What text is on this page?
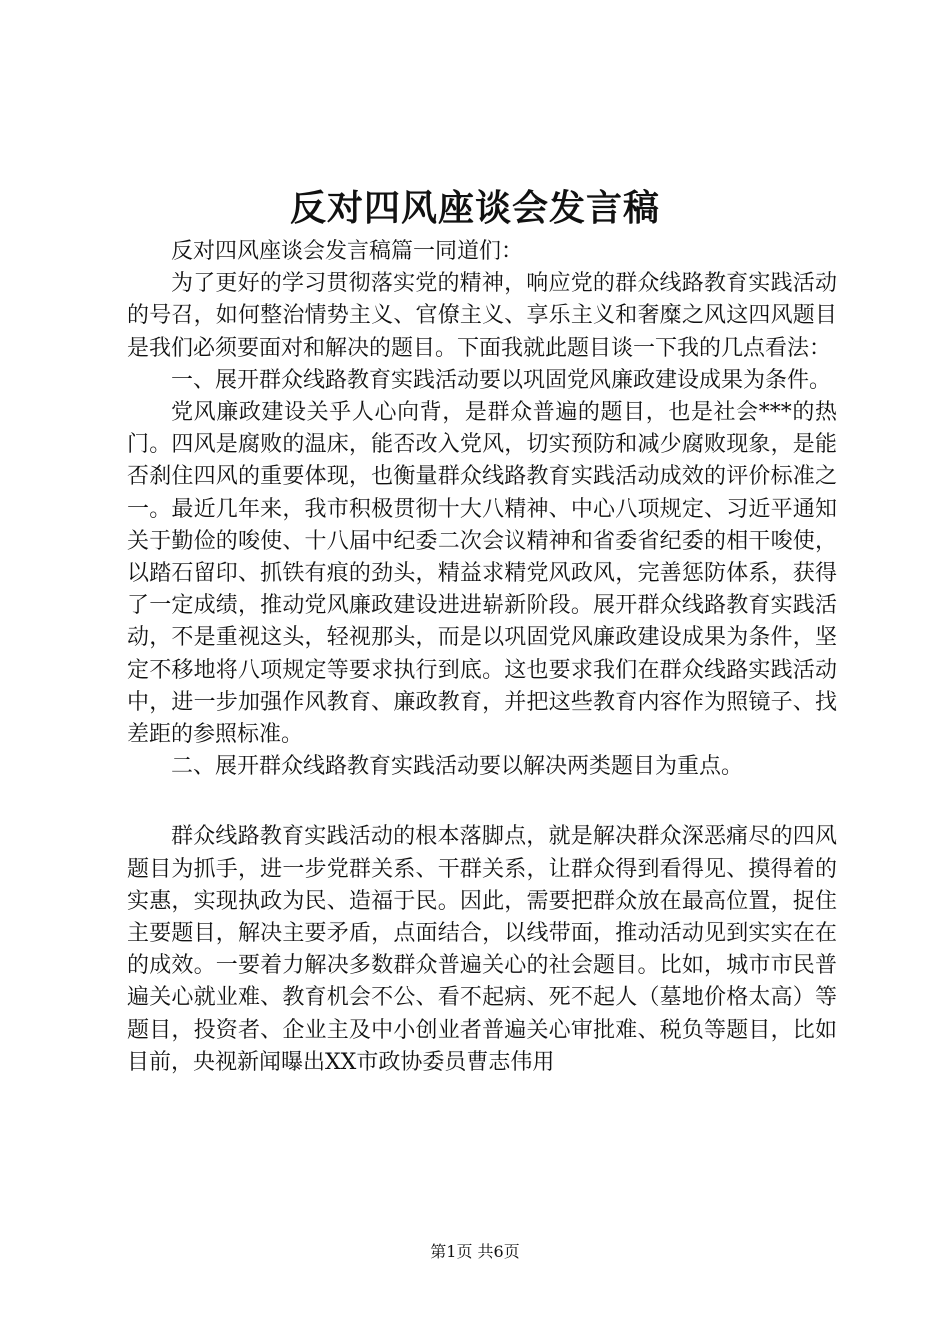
反对四风座谈会发言稿

反对四风座谈会发言稿篇一同道们：

为了更好的学习贯彻落实党的精神，响应党的群众线路教育实践活动的号召，如何整治情势主义、官僚主义、享乐主义和奢糜之风这四风题目是我们必须要面对和解决的题目。下面我就此题目谈一下我的几点看法：

一、展开群众线路教育实践活动要以巩固党风廉政建设成果为条件。

党风廉政建设关乎人心向背，是群众普遍的题目，也是社会***的热门。四风是腐败的温床，能否改入党风，切实预防和减少腐败现象，是能否刹住四风的重要体现，也衡量群众线路教育实践活动成效的评价标准之一。最近几年来，我市积极贯彻十大八精神、中心八项规定、习近平通知关于勤俭的唆使、十八届中纪委二次会议精神和省委省纪委的相干唆使，以踏石留印、抓铁有痕的劲头，精益求精党风政风，完善惩防体系，获得了一定成绩，推动党风廉政建设进进崭新阶段。展开群众线路教育实践活动，不是重视这头，轻视那头，而是以巩固党风廉政建设成果为条件，坚定不移地将八项规定等要求执行到底。这也要求我们在群众线路实践活动中，进一步加强作风教育、廉政教育，并把这些教育内容作为照镜子、找差距的参照标准。

二、展开群众线路教育实践活动要以解决两类题目为重点。

群众线路教育实践活动的根本落脚点，就是解决群众深恶痛尽的四风题目为抓手，进一步党群关系、干群关系，让群众得到看得见、摸得着的实惠，实现执政为民、造福于民。因此，需要把群众放在最高位置，捉住主要题目，解决主要矛盾，点面结合，以线带面，推动活动见到实实在在的成效。一要着力解决多数群众普遍关心的社会题目。比如，城市市民普遍关心就业难、教育机会不公、看不起病、死不起人（墓地价格太高）等题目，投资者、企业主及中小创业者普遍关心审批难、税负等题目，比如目前，央视新闻曝出XX市政协委员曹志伟用

第1页 共6页
